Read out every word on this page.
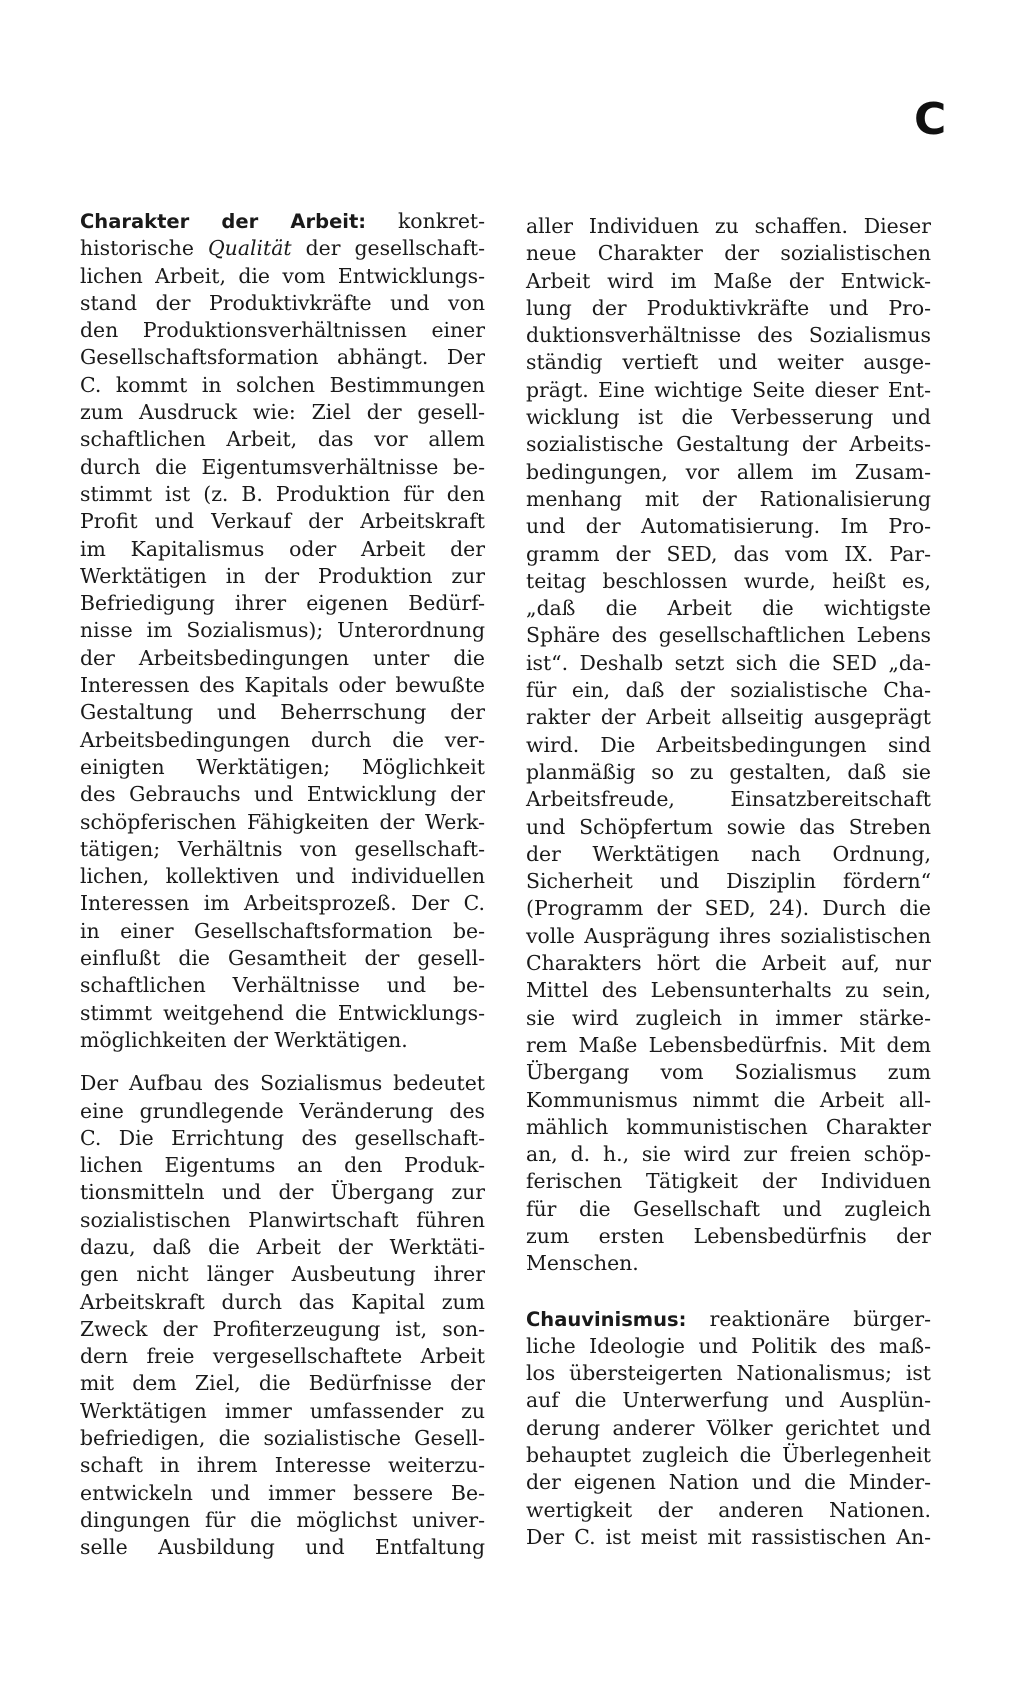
C
Charakter der Arbeit: konkret-
historische Qualität der gesellschaft-
lichen Arbeit, die vom Entwicklungs-
stand der Produktivkräfte und von
den Produktionsverhältnissen einer
Gesellschaftsformation abhängt. Der
C. kommt in solchen Bestimmungen
zum Ausdruck wie: Ziel der gesell-
schaftlichen Arbeit, das vor allem
durch die Eigentumsverhältnisse be-
stimmt ist (z. B. Produktion für den
Profit und Verkauf der Arbeitskraft
im Kapitalismus oder Arbeit der
Werktätigen in der Produktion zur
Befriedigung ihrer eigenen Bedürf-
nisse im Sozialismus); Unterordnung
der Arbeitsbedingungen unter die
Interessen des Kapitals oder bewußte
Gestaltung und Beherrschung der
Arbeitsbedingungen durch die ver-
einigten Werktätigen; Möglichkeit
des Gebrauchs und Entwicklung der
schöpferischen Fähigkeiten der Werk-
tätigen; Verhältnis von gesellschaft-
lichen, kollektiven und individuellen
Interessen im Arbeitsprozeß. Der C.
in einer Gesellschaftsformation be-
einflußt die Gesamtheit der gesell-
schaftlichen Verhältnisse und be-
stimmt weitgehend die Entwicklungs-
möglichkeiten der Werktätigen.
Der Aufbau des Sozialismus bedeutet
eine grundlegende Veränderung des
C. Die Errichtung des gesellschaft-
lichen Eigentums an den Produk-
tionsmitteln und der Übergang zur
sozialistischen Planwirtschaft führen
dazu, daß die Arbeit der Werktäti-
gen nicht länger Ausbeutung ihrer
Arbeitskraft durch das Kapital zum
Zweck der Profiterzeugung ist, son-
dern freie vergesellschaftete Arbeit
mit dem Ziel, die Bedürfnisse der
Werktätigen immer umfassender zu
befriedigen, die sozialistische Gesell-
schaft in ihrem Interesse weiterzu-
entwickeln und immer bessere Be-
dingungen für die möglichst univer-
selle Ausbildung und Entfaltung
aller Individuen zu schaffen. Dieser
neue Charakter der sozialistischen
Arbeit wird im Maße der Entwick-
lung der Produktivkräfte und Pro-
duktionsverhältnisse des Sozialismus
ständig vertieft und weiter ausge-
prägt. Eine wichtige Seite dieser Ent-
wicklung ist die Verbesserung und
sozialistische Gestaltung der Arbeits-
bedingungen, vor allem im Zusam-
menhang mit der Rationalisierung
und der Automatisierung. Im Pro-
gramm der SED, das vom IX. Par-
teitag beschlossen wurde, heißt es,
„daß die Arbeit die wichtigste
Sphäre des gesellschaftlichen Lebens
ist“. Deshalb setzt sich die SED „da-
für ein, daß der sozialistische Cha-
rakter der Arbeit allseitig ausgeprägt
wird. Die Arbeitsbedingungen sind
planmäßig so zu gestalten, daß sie
Arbeitsfreude, Einsatzbereitschaft
und Schöpfertum sowie das Streben
der Werktätigen nach Ordnung,
Sicherheit und Disziplin fördern“
(Programm der SED, 24). Durch die
volle Ausprägung ihres sozialistischen
Charakters hört die Arbeit auf, nur
Mittel des Lebensunterhalts zu sein,
sie wird zugleich in immer stärke-
rem Maße Lebensbedürfnis. Mit dem
Übergang vom Sozialismus zum
Kommunismus nimmt die Arbeit all-
mählich kommunistischen Charakter
an, d. h., sie wird zur freien schöp-
ferischen Tätigkeit der Individuen
für die Gesellschaft und zugleich
zum ersten Lebensbedürfnis der
Menschen.
Chauvinismus: reaktionäre bürger-
liche Ideologie und Politik des maß-
los übersteigerten Nationalismus; ist
auf die Unterwerfung und Ausplün-
derung anderer Völker gerichtet und
behauptet zugleich die Überlegenheit
der eigenen Nation und die Minder-
wertigkeit der anderen Nationen.
Der C. ist meist mit rassistischen An-
